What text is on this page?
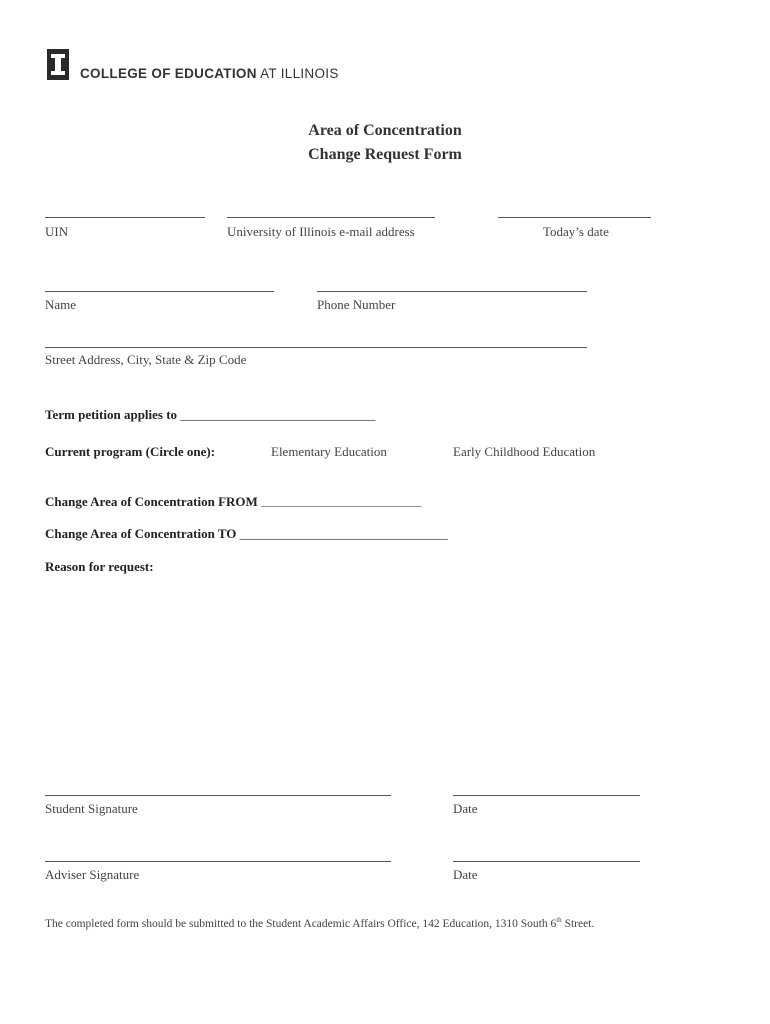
COLLEGE OF EDUCATION AT ILLINOIS
Area of Concentration
Change Request Form
UIN	University of Illinois e-mail address	Today’s date
Name	Phone Number
Street Address, City, State & Zip Code
Term petition applies to ______________________________
Current program (Circle one):	Elementary Education	Early Childhood Education
Change Area of Concentration FROM ________________________________________
Change Area of Concentration TO ________________________________
Reason for request:
Student Signature	Date
Adviser Signature	Date
The completed form should be submitted to the Student Academic Affairs Office, 142 Education, 1310 South 6th Street.
